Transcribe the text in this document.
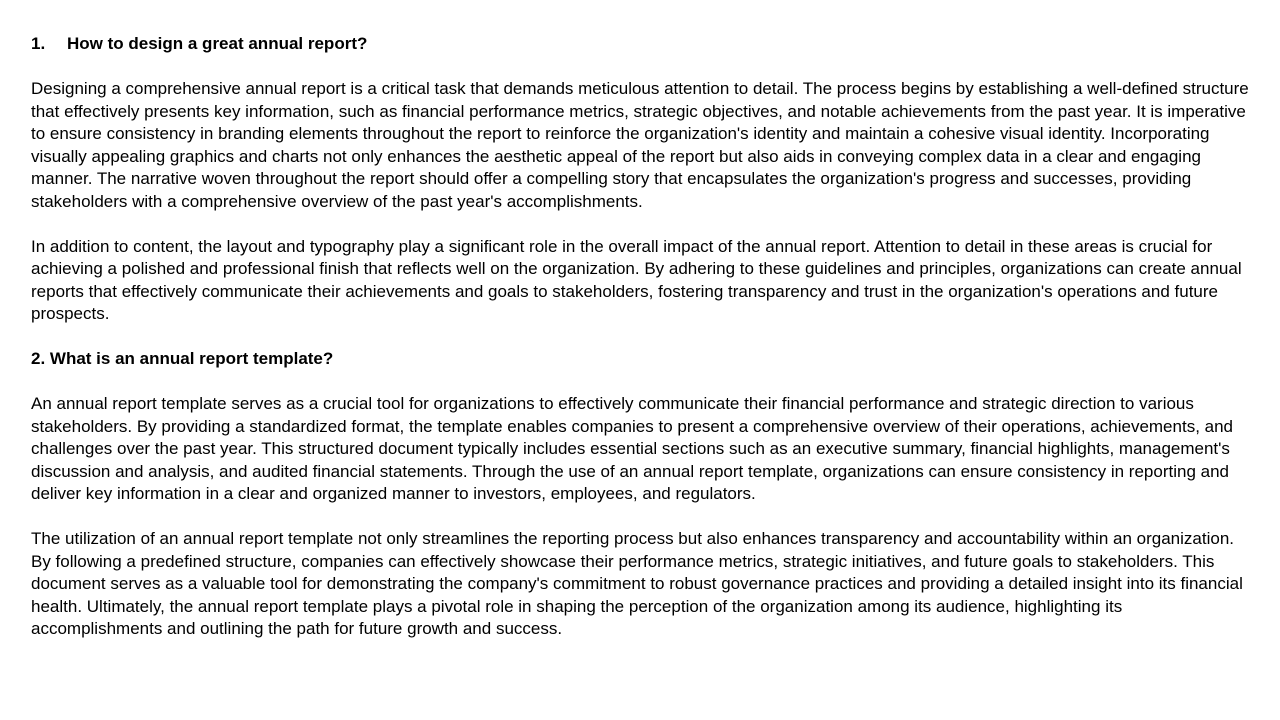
1. How to design a great annual report?

Designing a comprehensive annual report is a critical task that demands meticulous attention to detail. The process begins by establishing a well-defined structure that effectively presents key information, such as financial performance metrics, strategic objectives, and notable achievements from the past year. It is imperative to ensure consistency in branding elements throughout the report to reinforce the organization's identity and maintain a cohesive visual identity. Incorporating visually appealing graphics and charts not only enhances the aesthetic appeal of the report but also aids in conveying complex data in a clear and engaging manner. The narrative woven throughout the report should offer a compelling story that encapsulates the organization's progress and successes, providing stakeholders with a comprehensive overview of the past year's accomplishments.

In addition to content, the layout and typography play a significant role in the overall impact of the annual report. Attention to detail in these areas is crucial for achieving a polished and professional finish that reflects well on the organization. By adhering to these guidelines and principles, organizations can create annual reports that effectively communicate their achievements and goals to stakeholders, fostering transparency and trust in the organization's operations and future prospects.

2. What is an annual report template?

An annual report template serves as a crucial tool for organizations to effectively communicate their financial performance and strategic direction to various stakeholders. By providing a standardized format, the template enables companies to present a comprehensive overview of their operations, achievements, and challenges over the past year. This structured document typically includes essential sections such as an executive summary, financial highlights, management's discussion and analysis, and audited financial statements. Through the use of an annual report template, organizations can ensure consistency in reporting and deliver key information in a clear and organized manner to investors, employees, and regulators.

The utilization of an annual report template not only streamlines the reporting process but also enhances transparency and accountability within an organization. By following a predefined structure, companies can effectively showcase their performance metrics, strategic initiatives, and future goals to stakeholders. This document serves as a valuable tool for demonstrating the company's commitment to robust governance practices and providing a detailed insight into its financial health. Ultimately, the annual report template plays a pivotal role in shaping the perception of the organization among its audience, highlighting its accomplishments and outlining the path for future growth and success.
